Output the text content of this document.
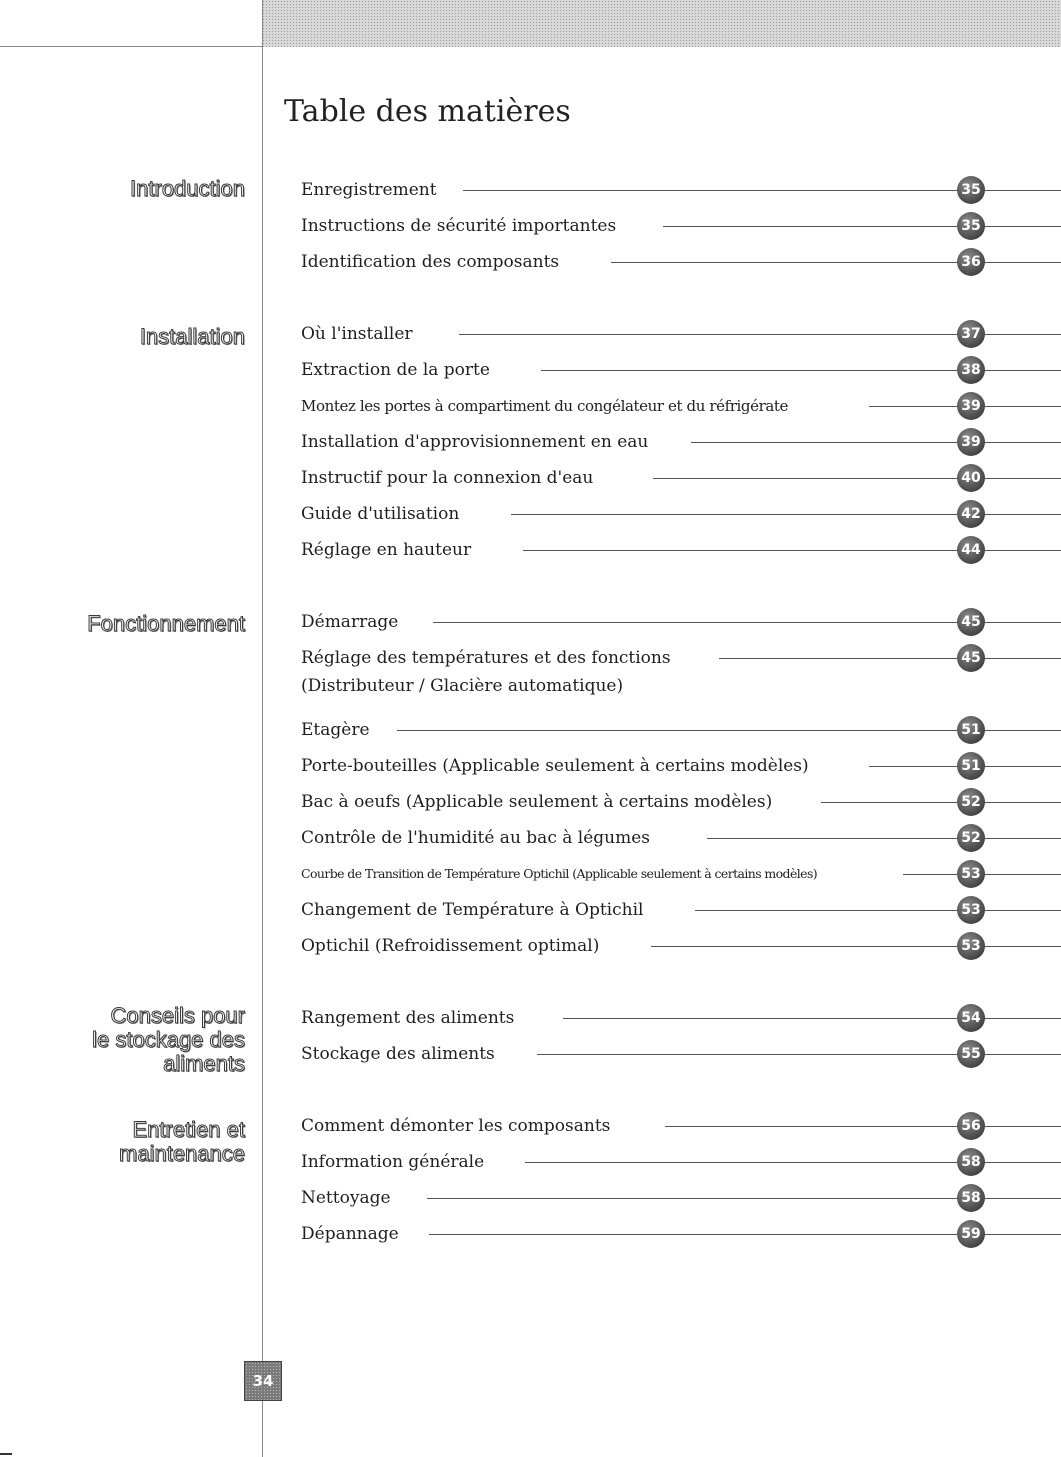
Table des matières
Introduction
Installation
Fonctionnement
Conseils pour
le stockage des
aliments
Entretien et
maintenance
Enregistrement	35
Instructions de sécurité importantes	35
Identification des composants	36
Où l'installer	37
Extraction de la porte	38
Montez les portes à compartiment du congélateur et du réfrigérate	39
Installation d'approvisionnement en eau	39
Instructif pour la connexion d'eau	40
Guide d'utilisation	42
Réglage en hauteur	44
Démarrage	45
Réglage des températures et des fonctions	45
(Distributeur / Glacière automatique)
Etagère	51
Porte-bouteilles (Applicable seulement à certains modèles)	51
Bac à oeufs (Applicable seulement à certains modèles)	52
Contrôle de l'humidité au bac à légumes	52
Courbe de Transition de Température Optichil (Applicable seulement à certains modèles)	53
Changement de Température à Optichil	53
Optichil (Refroidissement optimal)	53
Rangement des aliments	54
Stockage des aliments	55
Comment démonter les composants	56
Information générale	58
Nettoyage	58
Dépannage	59
34
